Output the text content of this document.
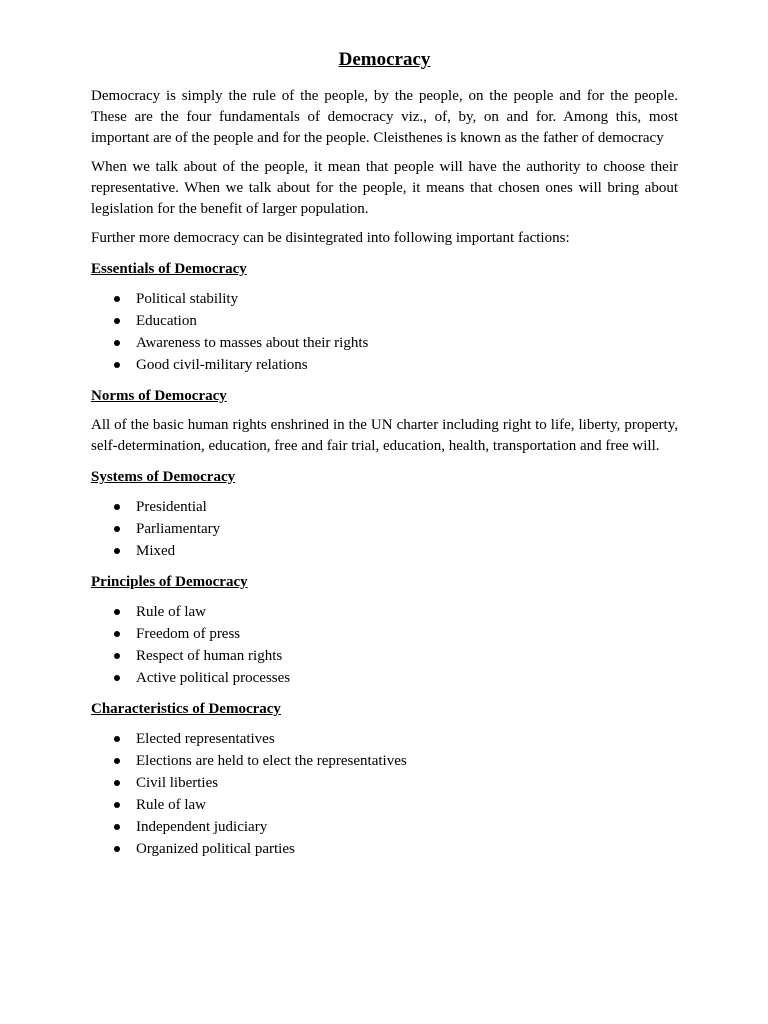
Democracy

Democracy is simply the rule of the people, by the people, on the people and for the people. These are the four fundamentals of democracy viz., of, by, on and for. Among this, most important are of the people and for the people. Cleisthenes is known as the father of democracy

When we talk about of the people, it mean that people will have the authority to choose their representative. When we talk about for the people, it means that chosen ones will bring about legislation for the benefit of larger population.

Further more democracy can be disintegrated into following important factions:

Essentials of Democracy
Political stability
Education
Awareness to masses about their rights
Good civil-military relations
Norms of Democracy

All of the basic human rights enshrined in the UN charter including right to life, liberty, property, self-determination, education, free and fair trial, education, health, transportation and free will.

Systems of Democracy
Presidential
Parliamentary
Mixed
Principles of Democracy
Rule of law
Freedom of press
Respect of human rights
Active political processes
Characteristics of Democracy
Elected representatives
Elections are held to elect the representatives
Civil liberties
Rule of law
Independent judiciary
Organized political parties
